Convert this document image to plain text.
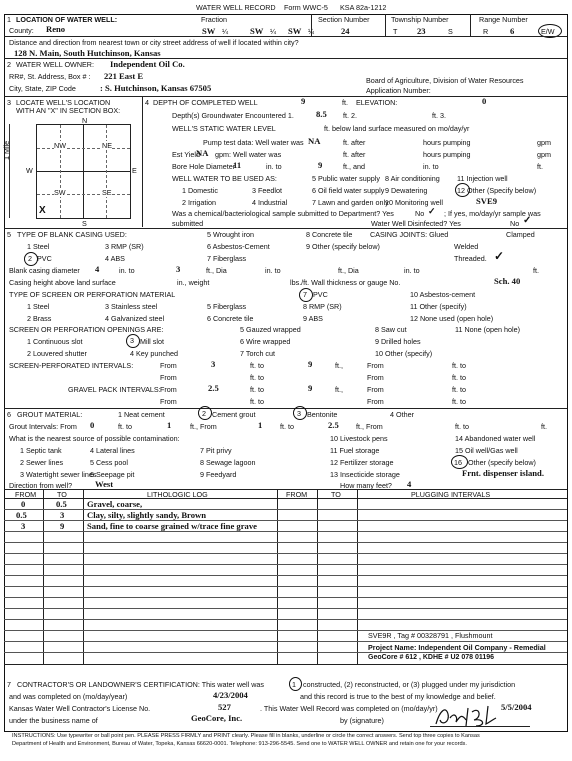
WATER WELL RECORD Form WWC-5 KSA 82a-1212
1 LOCATION OF WATER WELL:	Fraction
County: Reno	SW ¼	SW ¼ SW ¼
Section Number
24
Township Number
T 23	S
Range Number
R	6	E/W
Distance and direction from nearest town or city street address of well if located within city?
128 N. Main, South Hutchinson, Kansas
2 WATER WELL OWNER: Independent Oil Co.
RR#, St. Address, Box # : 221 East E
City, State, ZIP Code	: S. Hutchinson, Kansas 67505
Board of Agriculture, Division of Water Resources
Application Number:
3 LOCATE WELL'S LOCATION
WITH AN "X" IN SECTION BOX:
N
S
W	E
1 Mile	NW	NE
SW	SE
X
4 DEPTH OF COMPLETED WELL	9	ft. ELEVATION:	0
Depth(s) Groundwater Encountered 1.	8.5 ft. 2.	ft. 3.
WELL'S STATIC WATER LEVEL	ft. below land surface measured on mo/day/yr
Pump test data: Well water was NA	ft. after	hours pumping	gpm
Est Yield
NA gpm: Well water was	ft. after	hours pumping	gpm
Bore Hole Diameter
11	in. to	9	ft., and	in. to	ft.
WELL WATER TO BE USED AS:	5 Public water supply 8 Air conditioning 11 Injection well
1 Domestic	3 Feedlot	6 Oil field water supply 9 Dewatering	12 Other (Specify below)
2 Irrigation	4 Industrial	7 Lawn and garden only
10 Monitoring well	SVE9
Was a chemical/bacteriological sample submitted to Department? Yes	No ✓ ; If yes, mo/day/yr sample was
submitted	Water Well Disinfected? Yes	No ✓
5 TYPE OF BLANK CASING USED:	5 Wrought iron	8 Concrete tile CASING JOINTS: Glued	Clamped
1 Steel	3 RMP (SR)	6 Asbestos-Cement	9 Other (specify below)	Welded
2 PVC	4 ABS	7 Fiberglass	Threaded. ✓
Blank casing diameter 4	in. to	3	ft., Dia	in. to	ft., Dia	in. to	ft.
Casing height above land surface	in., weight	lbs./ft. Wall thickness or gauge No.	Sch. 40
TYPE OF SCREEN OR PERFORATION MATERIAL
1 Steel	3 Stainless steel	5 Fiberglass
7 PVC	10 Asbestos-cement
2 Brass	4 Galvanized steel	6 Concrete tile
8 RMP (SR)	11 Other (specify)
9 ABS	12 None used (open hole)
SCREEN OR PERFORATION OPENINGS ARE:	5 Gauzed wrapped	8 Saw cut	11 None (open hole)
1 Continuous slot	3 Mill slot	6 Wire wrapped	9 Drilled holes
2 Louvered shutter	4 Key punched	7 Torch cut	10 Other (specify)
SCREEN-PERFORATED INTERVALS:	From	3	ft. to	9	ft.,	From	ft. to
From	ft. to	From	ft. to
GRAVEL PACK INTERVALS: From	2.5	ft. to	9	ft.,	From	ft. to
From	ft. to	From	ft. to
6 GROUT MATERIAL:	1 Neat cement	2 Cement grout	3 Bentonite	4 Other
Grout Intervals: From 0	ft. to	1	ft., From	1 ft. to	2.5 ft., From	ft. to	ft.
What is the nearest source of possible contamination:	10 Livestock pens	14 Abandoned water well
1 Septic tank	4 Lateral lines	7 Pit privy	11 Fuel storage	15 Oil well/Gas well
2 Sewer lines	5 Cess pool	8 Sewage lagoon	12 Fertilizer storage	16 Other (specify below)
3 Watertight sewer lines
6 Seepage pit	9 Feedyard	13 Insecticide storage	Frnt. dispenser island.
Direction from well?	West	How many feet? 4
FROM	TO	LITHOLOGIC LOG	FROM	TO	PLUGGING INTERVALS
0	0.5 Gravel, coarse,
0.5	3	Clay, silty, slightly sandy, Brown
3	9	Sand, fine to coarse grained w/trace fine grave
SVE9R , Tag # 00328791 , Flushmount
Project Name: Independent Oil Company - Remedial
GeoCore # 612 , KDHE # U2 078 01196
7 CONTRACTOR'S OR LANDOWNER'S CERTIFICATION: This water well was	1 constructed, (2) reconstructed, or (3) plugged under my jurisdiction
and was completed on (mo/day/year)	4/23/2004	and this record is true to the best of my knowledge and belief.
Kansas Water Well Contractor's License No.	527	. This Water Well Record was completed on (mo/day/yr)	5/5/2004
under the business name of	GeoCore, Inc.	by (signature)
INSTRUCTIONS: Use typewriter or ball point pen. PLEASE PRESS FIRMLY and PRINT clearly. Please fill in blanks, underline or circle the correct answers. Send top three copies to Kansas
Department of Health and Environment, Bureau of Water, Topeka, Kansas 66620-0001. Telephone: 913-296-5545. Send one to WATER WELL OWNER and retain one for your records.
